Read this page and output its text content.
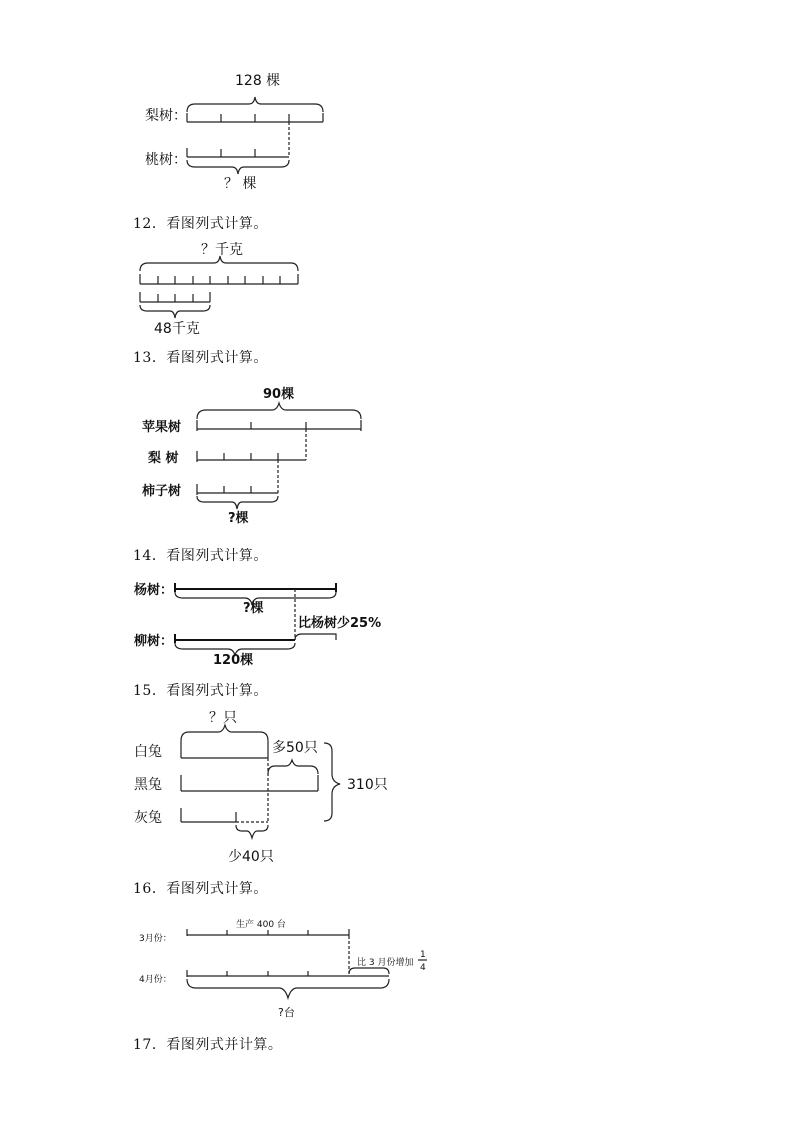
128 棵
梨树：
桃树：
？ 棵
？千克
48千克
90棵
苹果树
梨 树
柿子树
?棵
杨树：
?棵
比杨树少25%
柳树：
120棵
？只
白兔	多50只
黑兔
灰兔
少40只
310只
生产 400 台
3月份：
比 3 月份增加
1
4
4月份：
?台
12．看图列式计算。
13．看图列式计算。
14．看图列式计算。
15．看图列式计算。
16．看图列式计算。
17．看图列式并计算。
